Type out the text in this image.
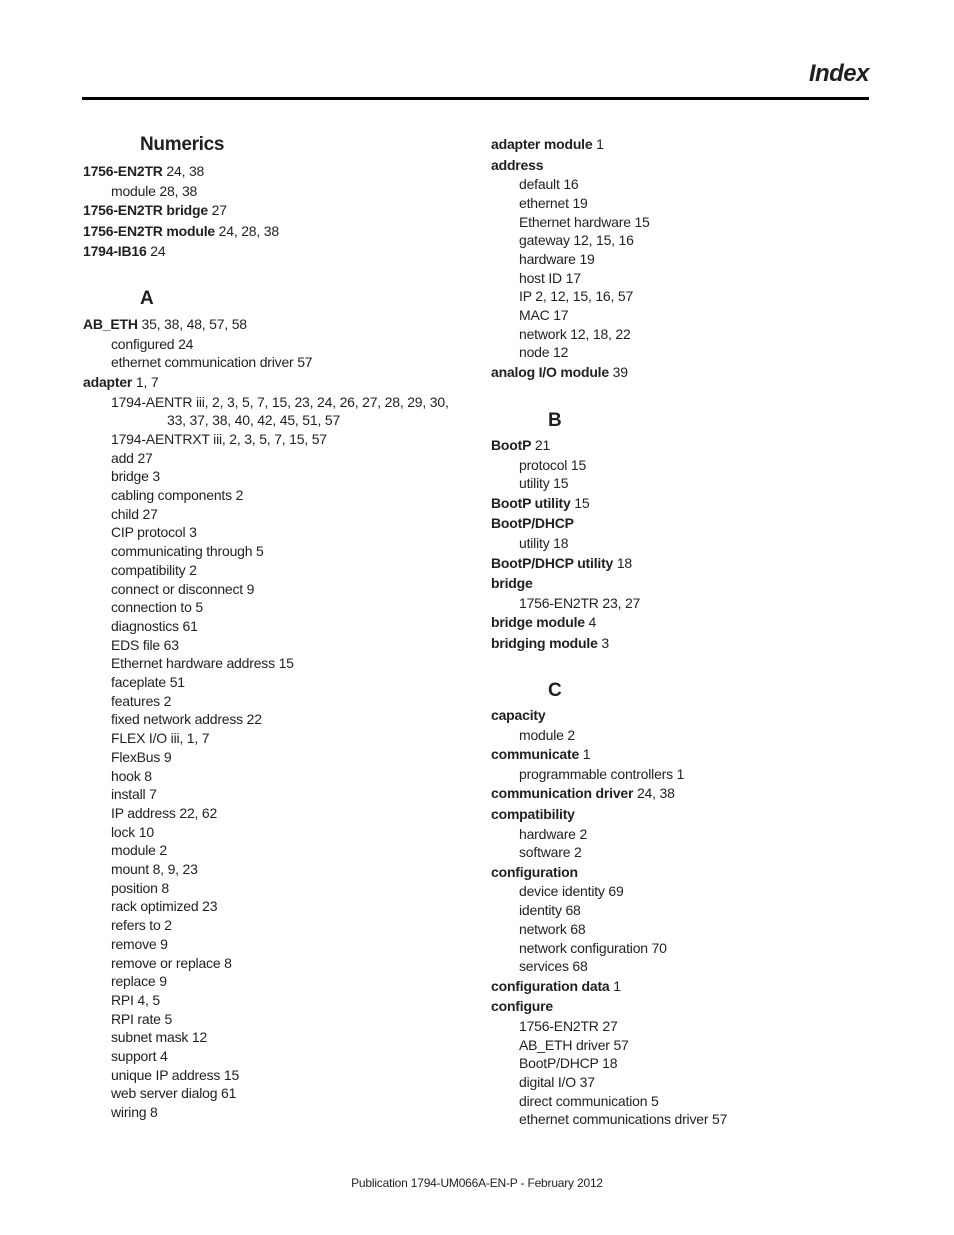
Index
Numerics
1756-EN2TR 24, 38
module 28, 38
1756-EN2TR bridge 27
1756-EN2TR module 24, 28, 38
1794-IB16 24
A
AB_ETH 35, 38, 48, 57, 58
configured 24
ethernet communication driver 57
adapter 1, 7
1794-AENTR iii, 2, 3, 5, 7, 15, 23, 24, 26, 27, 28, 29, 30,
33, 37, 38, 40, 42, 45, 51, 57
1794-AENTRXT iii, 2, 3, 5, 7, 15, 57
add 27
bridge 3
cabling components 2
child 27
CIP protocol 3
communicating through 5
compatibility 2
connect or disconnect 9
connection to 5
diagnostics 61
EDS file 63
Ethernet hardware address 15
faceplate 51
features 2
fixed network address 22
FLEX I/O iii, 1, 7
FlexBus 9
hook 8
install 7
IP address 22, 62
lock 10
module 2
mount 8, 9, 23
position 8
rack optimized 23
refers to 2
remove 9
remove or replace 8
replace 9
RPI 4, 5
RPI rate 5
subnet mask 12
support 4
unique IP address 15
web server dialog 61
wiring 8
adapter module 1
address
default 16
ethernet 19
Ethernet hardware 15
gateway 12, 15, 16
hardware 19
host ID 17
IP 2, 12, 15, 16, 57
MAC 17
network 12, 18, 22
node 12
analog I/O module 39
B
BootP 21
protocol 15
utility 15
BootP utility 15
BootP/DHCP
utility 18
BootP/DHCP utility 18
bridge
1756-EN2TR 23, 27
bridge module 4
bridging module 3
C
capacity
module 2
communicate 1
programmable controllers 1
communication driver 24, 38
compatibility
hardware 2
software 2
configuration
device identity 69
identity 68
network 68
network configuration 70
services 68
configuration data 1
configure
1756-EN2TR 27
AB_ETH driver 57
BootP/DHCP 18
digital I/O 37
direct communication 5
ethernet communications driver 57
Publication 1794-UM066A-EN-P - February 2012
